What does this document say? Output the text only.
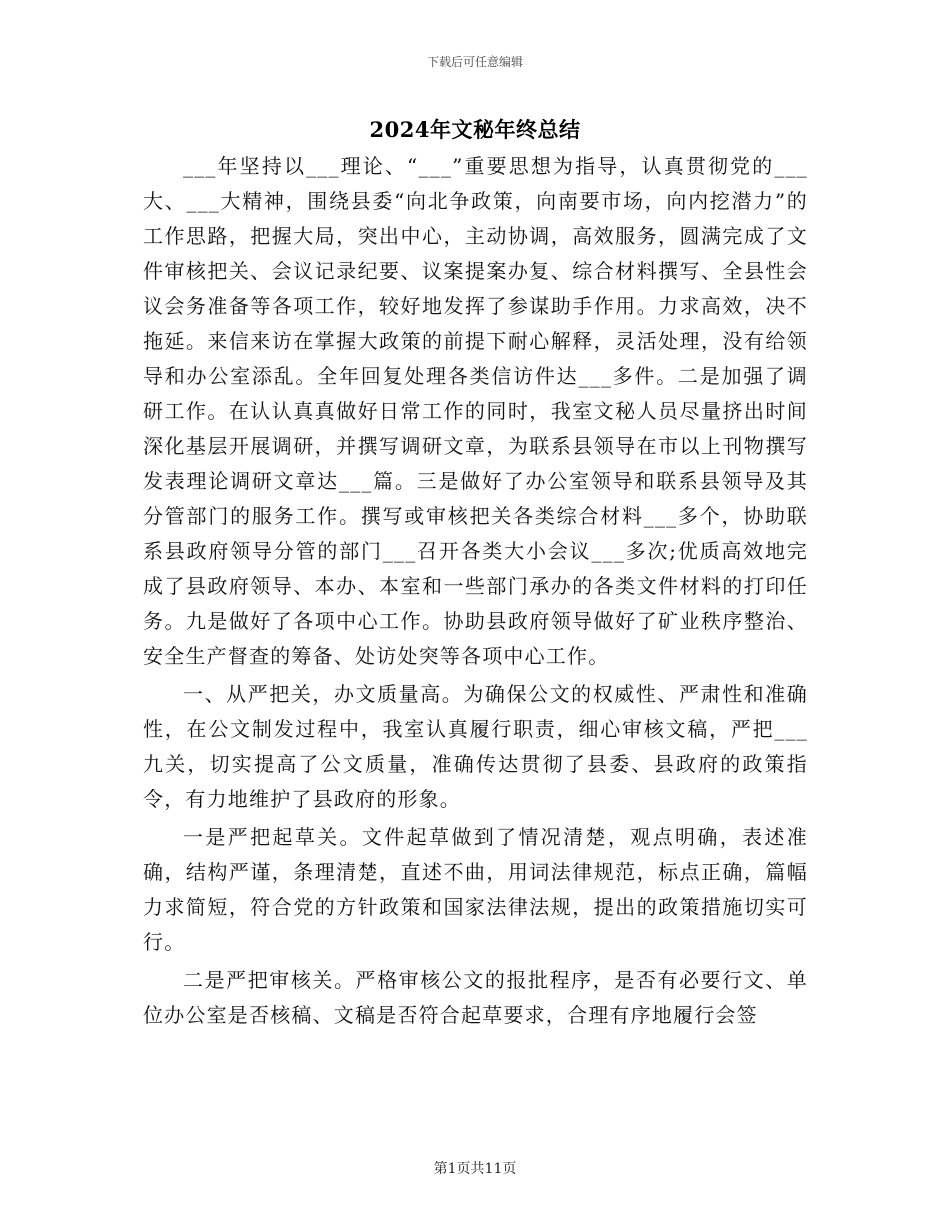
下载后可任意编辑
2024年文秘年终总结

___年坚持以___理论、“___”重要思想为指导，认真贯彻党的___大、___大精神，围绕县委“向北争政策，向南要市场，向内挖潜力”的工作思路，把握大局，突出中心，主动协调，高效服务，圆满完成了文件审核把关、会议记录纪要、议案提案办复、综合材料撰写、全县性会议会务准备等各项工作，较好地发挥了参谋助手作用。力求高效，决不拖延。来信来访在掌握大政策的前提下耐心解释，灵活处理，没有给领导和办公室添乱。全年回复处理各类信访件达___多件。二是加强了调研工作。在认认真真做好日常工作的同时，我室文秘人员尽量挤出时间深化基层开展调研，并撰写调研文章，为联系县领导在市以上刊物撰写发表理论调研文章达___篇。三是做好了办公室领导和联系县领导及其分管部门的服务工作。撰写或审核把关各类综合材料___多个，协助联系县政府领导分管的部门___召开各类大小会议___多次;优质高效地完成了县政府领导、本办、本室和一些部门承办的各类文件材料的打印任务。九是做好了各项中心工作。协助县政府领导做好了矿业秩序整治、安全生产督查的筹备、处访处突等各项中心工作。

一、从严把关，办文质量高。为确保公文的权威性、严肃性和准确性，在公文制发过程中，我室认真履行职责，细心审核文稿，严把___九关，切实提高了公文质量，准确传达贯彻了县委、县政府的政策指令，有力地维护了县政府的形象。

一是严把起草关。文件起草做到了情况清楚，观点明确，表述准确，结构严谨，条理清楚，直述不曲，用词法律规范，标点正确，篇幅力求简短，符合党的方针政策和国家法律法规，提出的政策措施切实可行。

二是严把审核关。严格审核公文的报批程序，是否有必要行文、单位办公室是否核稿、文稿是否符合起草要求，合理有序地履行会签

第1页共11页
